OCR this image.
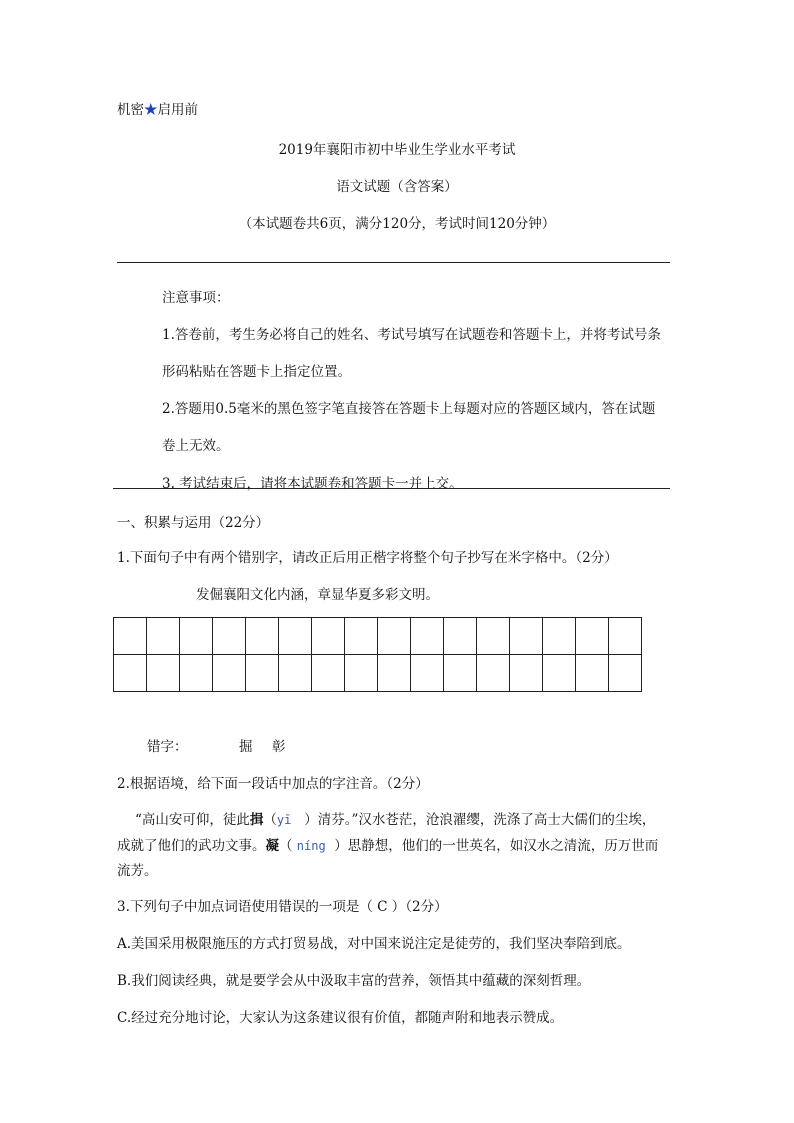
机密★启用前
2019年襄阳市初中毕业生学业水平考试
语文试题（含答案）
（本试题卷共6页，满分120分，考试时间120分钟）
注意事项：
1.答卷前，考生务必将自己的姓名、考试号填写在试题卷和答题卡上，并将考试号条
形码粘贴在答题卡上指定位置。
2.答题用0.5毫米的黑色签字笔直接答在答题卡上每题对应的答题区域内，答在试题
卷上无效。
3. 考试结束后，请将本试题卷和答题卡一并上交。
一、积累与运用（22分）
1.下面句子中有两个错别字，请改正后用正楷字将整个句子抄写在米字格中。（2分）
发倔襄阳文化内涵，章显华夏多彩文明。

错字：	掘 彰
2.根据语境，给下面一段话中加点的字注音。（2分）
“高山安可仰，徒此揖（yī ）清芬。”汉水苍茫，沧浪濯缨，洗涤了高士大儒们的尘埃，
成就了他们的武功文事。凝（ níng ）思静想，他们的一世英名，如汉水之清流，历万世而
流芳。
3.下列句子中加点词语使用错误的一项是（ C ）（2分）
A.美国采用极限施压的方式打贸易战，对中国来说注定是徒劳的，我们坚决奉陪到底。
B.我们阅读经典，就是要学会从中汲取丰富的营养，领悟其中蕴藏的深刻哲理。
C.经过充分地讨论，大家认为这条建议很有价值，都随声附和地表示赞成。
